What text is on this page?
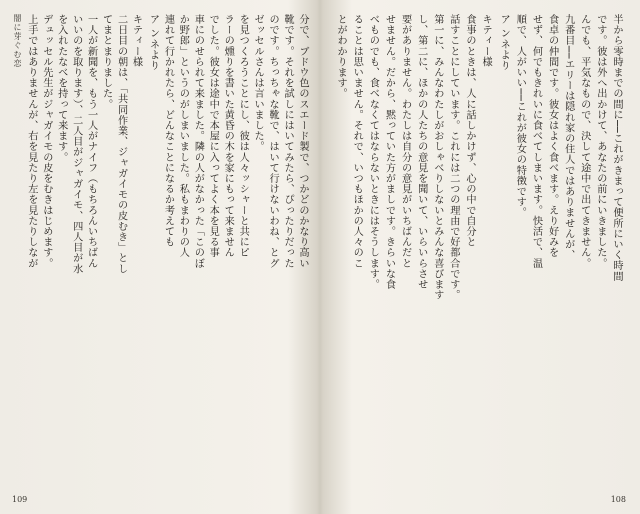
闇に芽ぐむ恋	分で、ブドウ色のスエード製で、つかどのかなり高い
靴です。それを試しにはいてみたら、ぴったりだった
のです。ちっちゃな靴で、はいて行けないわね、とグ
ゼッセルさんは言いました。
を見つくろうことにし、彼は人々ッシャーと共にピ
ラーの燻りを書いた黄昏の木を家にもって来ません
でした。彼女は途中で本屋に入ってよく本を見る事
車にのせられて来ました。隣の人がなかった「このぼ
か野郎」というのがしまいました。私もまわりの人
連れて行かれたら、どんなことになるか考えても
ア ンネより
キティー様
二日目の朝は、「共同作業、ジャガイモの皮むき」とし
てまとまりました。
一人が新聞を、もう一人がナイフ（もちろんいちばん
いいのを取ります）、二人目がジャガイモ、四人目が水
を入れたなべを持って来ます。
デュッセル先生がジャガイモの皮をむきはじめます。
上手ではありませんが、右を見たり左を見たりしなが
109
半から零時までの間に──これがきまって便所にいく時間
です。彼は外へ出かけて、あなたの前にいきました。
んでも、平気なもので、決して途中で出てきません。
九番目──エリーは隠れ家の住人ではありませんが、
食卓の仲間です。彼女はよく食べます。えり好みを
せず、何でもきれいに食べてしまいます。快活で、温
順で、人がいい──これが彼女の特徴です。
ア ンネより
キティー様
食事のときは、人に話しかけず、心の中で自分と
話すことにしています。これには二つの理由で好都合です。
第一に、みんなわたしがおしゃべりしないとみんな喜びます
し、第二に、ほかの人たちの意見を聞いて、いらいらさせ
要がありません。わたしは自分の意見がいちばんだと
せません。だから、黙っていた方がましです。きらいな食
べものでも、食べなくてはならないときにはそうします。
ることは思いません。それで、いつもほかの人々のこ
とがわかります。
108
